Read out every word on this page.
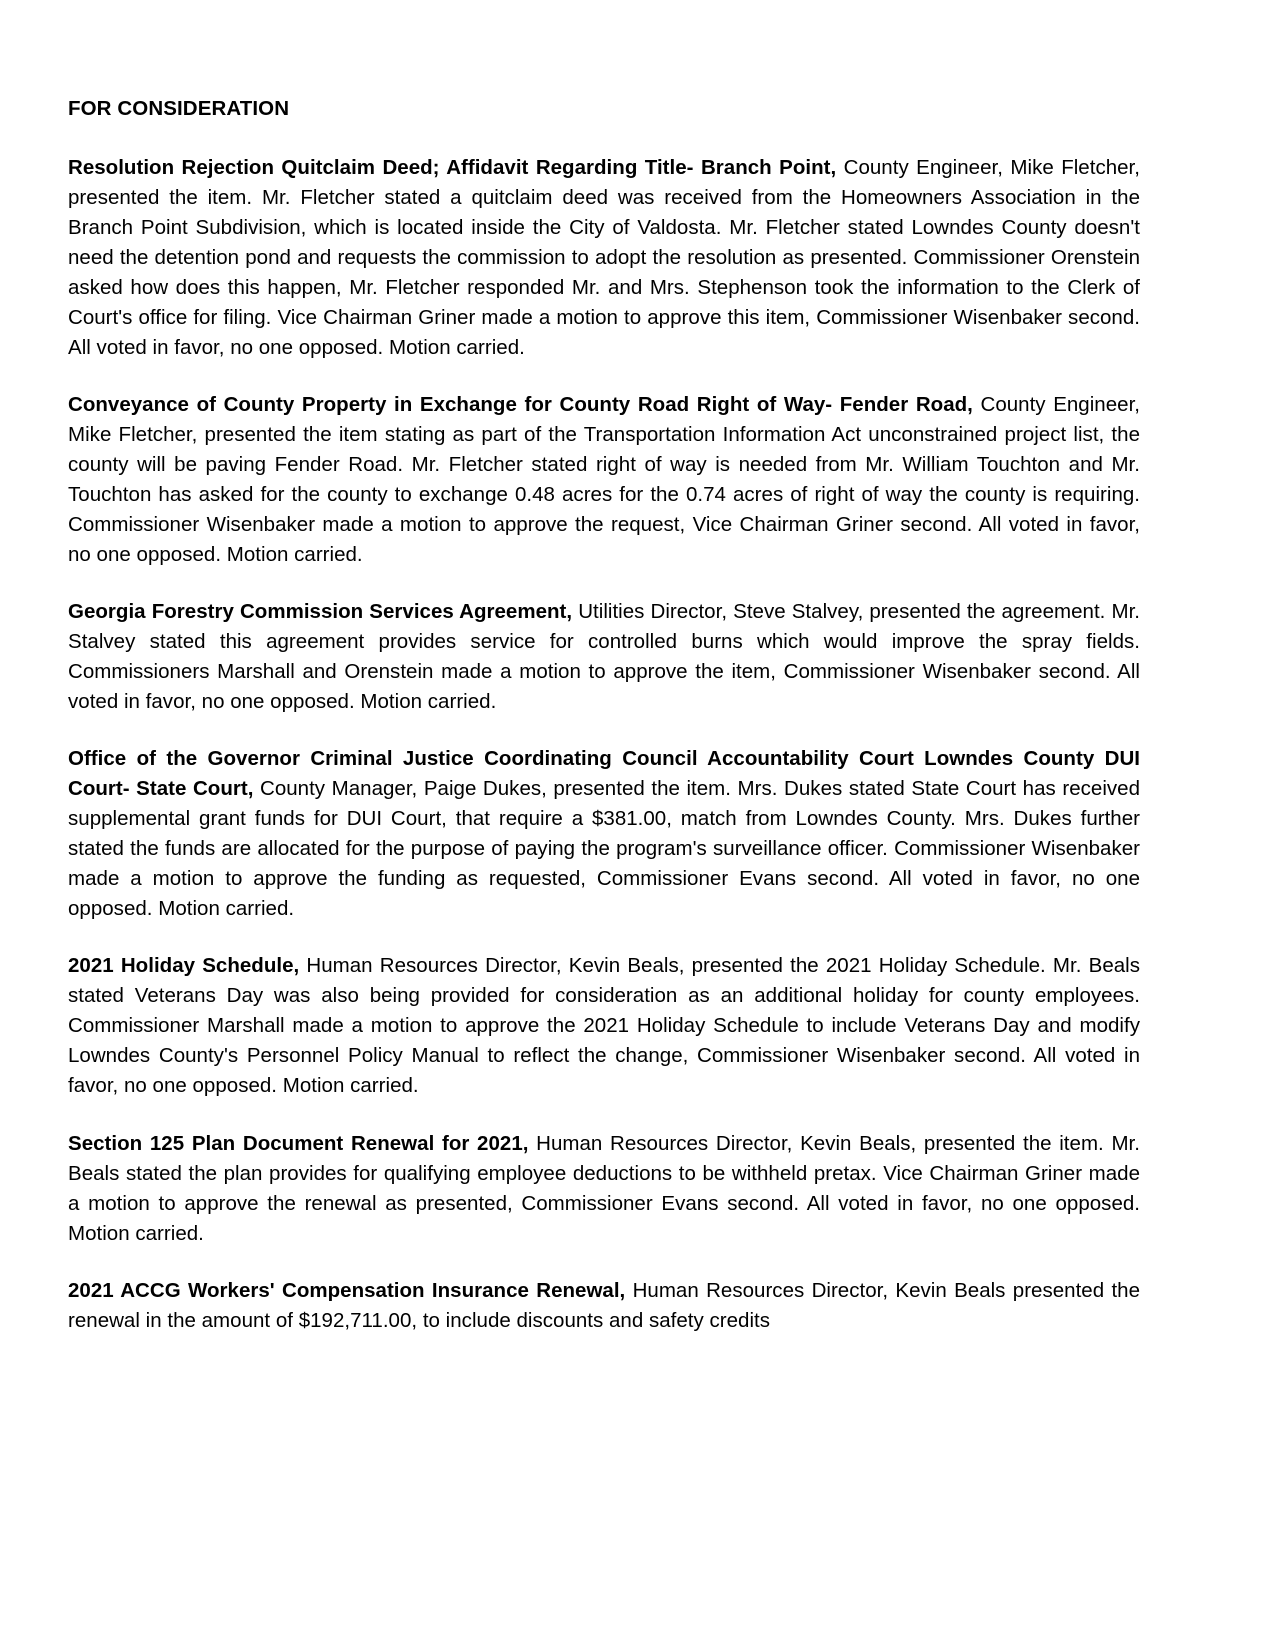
FOR CONSIDERATION

Resolution Rejection Quitclaim Deed; Affidavit Regarding Title- Branch Point, County Engineer, Mike Fletcher, presented the item. Mr. Fletcher stated a quitclaim deed was received from the Homeowners Association in the Branch Point Subdivision, which is located inside the City of Valdosta. Mr. Fletcher stated Lowndes County doesn't need the detention pond and requests the commission to adopt the resolution as presented. Commissioner Orenstein asked how does this happen, Mr. Fletcher responded Mr. and Mrs. Stephenson took the information to the Clerk of Court's office for filing. Vice Chairman Griner made a motion to approve this item, Commissioner Wisenbaker second. All voted in favor, no one opposed. Motion carried.

Conveyance of County Property in Exchange for County Road Right of Way- Fender Road, County Engineer, Mike Fletcher, presented the item stating as part of the Transportation Information Act unconstrained project list, the county will be paving Fender Road. Mr. Fletcher stated right of way is needed from Mr. William Touchton and Mr. Touchton has asked for the county to exchange 0.48 acres for the 0.74 acres of right of way the county is requiring. Commissioner Wisenbaker made a motion to approve the request, Vice Chairman Griner second. All voted in favor, no one opposed. Motion carried.

Georgia Forestry Commission Services Agreement, Utilities Director, Steve Stalvey, presented the agreement. Mr. Stalvey stated this agreement provides service for controlled burns which would improve the spray fields. Commissioners Marshall and Orenstein made a motion to approve the item, Commissioner Wisenbaker second. All voted in favor, no one opposed. Motion carried.

Office of the Governor Criminal Justice Coordinating Council Accountability Court Lowndes County DUI Court- State Court, County Manager, Paige Dukes, presented the item. Mrs. Dukes stated State Court has received supplemental grant funds for DUI Court, that require a $381.00, match from Lowndes County. Mrs. Dukes further stated the funds are allocated for the purpose of paying the program's surveillance officer. Commissioner Wisenbaker made a motion to approve the funding as requested, Commissioner Evans second. All voted in favor, no one opposed. Motion carried.

2021 Holiday Schedule, Human Resources Director, Kevin Beals, presented the 2021 Holiday Schedule. Mr. Beals stated Veterans Day was also being provided for consideration as an additional holiday for county employees. Commissioner Marshall made a motion to approve the 2021 Holiday Schedule to include Veterans Day and modify Lowndes County's Personnel Policy Manual to reflect the change, Commissioner Wisenbaker second. All voted in favor, no one opposed. Motion carried.

Section 125 Plan Document Renewal for 2021, Human Resources Director, Kevin Beals, presented the item. Mr. Beals stated the plan provides for qualifying employee deductions to be withheld pretax. Vice Chairman Griner made a motion to approve the renewal as presented, Commissioner Evans second. All voted in favor, no one opposed. Motion carried.

2021 ACCG Workers' Compensation Insurance Renewal, Human Resources Director, Kevin Beals presented the renewal in the amount of $192,711.00, to include discounts and safety credits
